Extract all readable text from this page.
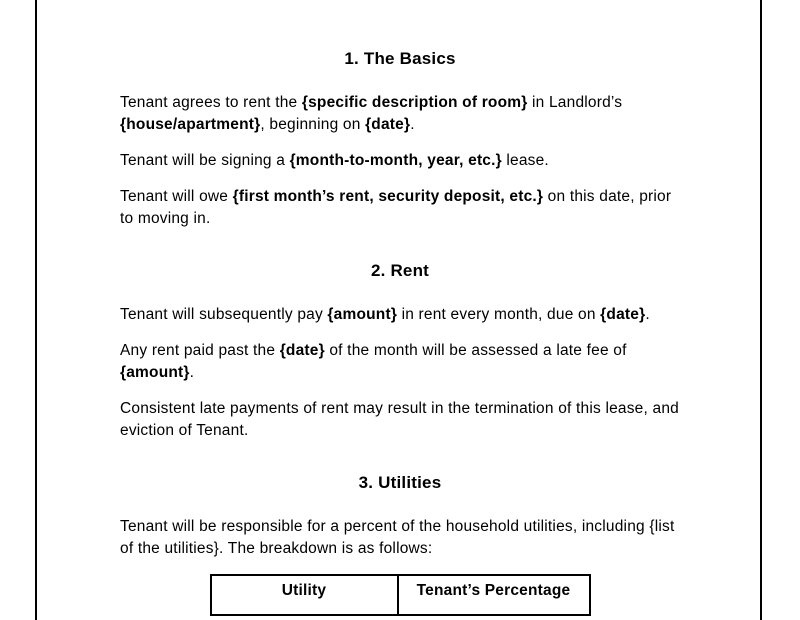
1. The Basics

Tenant agrees to rent the {specific description of room} in Landlord’s {house/apartment}, beginning on {date}.

Tenant will be signing a {month-to-month, year, etc.} lease.

Tenant will owe {first month’s rent, security deposit, etc.} on this date, prior to moving in.

2. Rent

Tenant will subsequently pay {amount} in rent every month, due on {date}.

Any rent paid past the {date} of the month will be assessed a late fee of {amount}.

Consistent late payments of rent may result in the termination of this lease, and eviction of Tenant.

3. Utilities

Tenant will be responsible for a percent of the household utilities, including {list of the utilities}. The breakdown is as follows:

Utility	Tenant’s Percentage
